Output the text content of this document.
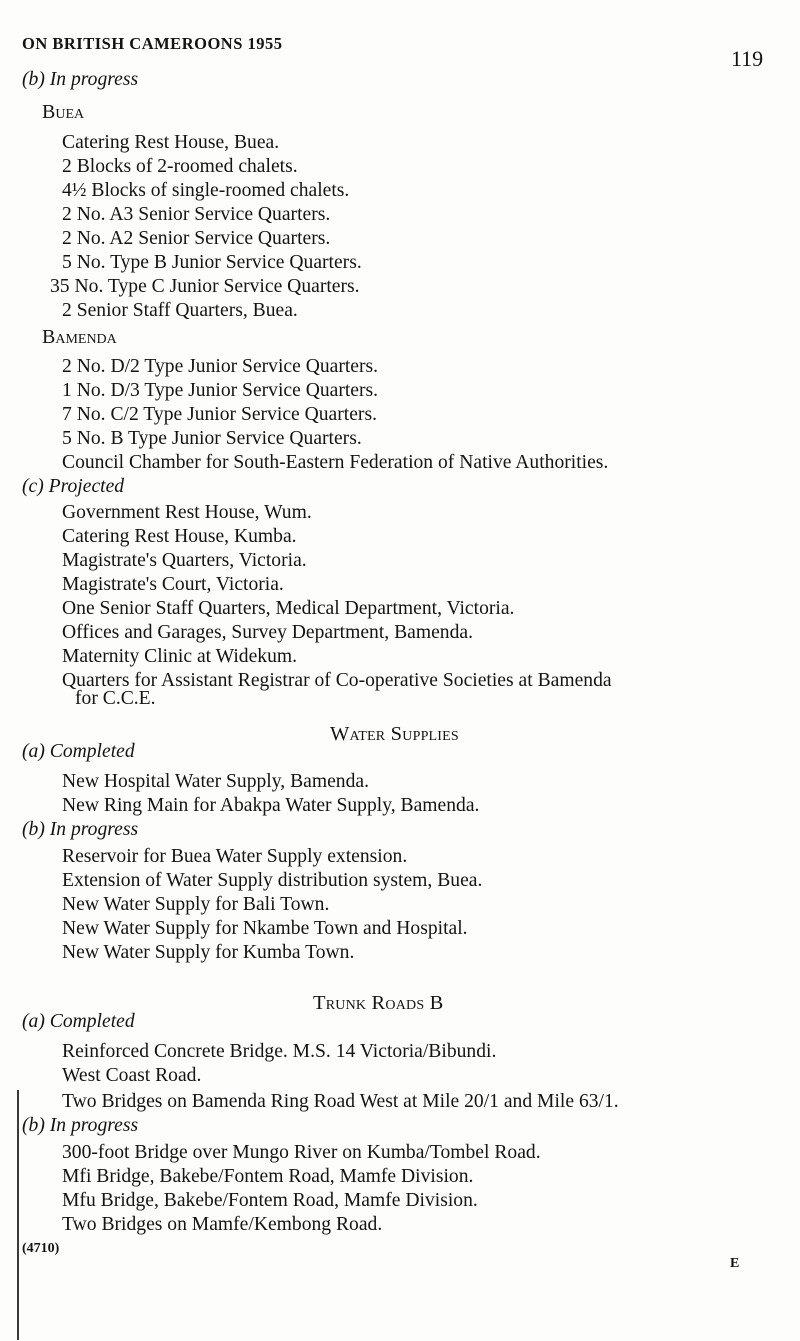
ON BRITISH CAMEROONS 1955
119
(b) In progress
Buea
Catering Rest House, Buea.
2 Blocks of 2-roomed chalets.
4½ Blocks of single-roomed chalets.
2 No. A3 Senior Service Quarters.
2 No. A2 Senior Service Quarters.
5 No. Type B Junior Service Quarters.
35 No. Type C Junior Service Quarters.
2 Senior Staff Quarters, Buea.
Bamenda
2 No. D/2 Type Junior Service Quarters.
1 No. D/3 Type Junior Service Quarters.
7 No. C/2 Type Junior Service Quarters.
5 No. B Type Junior Service Quarters.
Council Chamber for South-Eastern Federation of Native Authorities.
(c) Projected
Government Rest House, Wum.
Catering Rest House, Kumba.
Magistrate's Quarters, Victoria.
Magistrate's Court, Victoria.
One Senior Staff Quarters, Medical Department, Victoria.
Offices and Garages, Survey Department, Bamenda.
Maternity Clinic at Widekum.
Quarters for Assistant Registrar of Co-operative Societies at Bamenda
for C.C.E.
Water Supplies
(a) Completed
New Hospital Water Supply, Bamenda.
New Ring Main for Abakpa Water Supply, Bamenda.
(b) In progress
Reservoir for Buea Water Supply extension.
Extension of Water Supply distribution system, Buea.
New Water Supply for Bali Town.
New Water Supply for Nkambe Town and Hospital.
New Water Supply for Kumba Town.
Trunk Roads B
(a) Completed
Reinforced Concrete Bridge. M.S. 14 Victoria/Bibundi.
West Coast Road.
Two Bridges on Bamenda Ring Road West at Mile 20/1 and Mile 63/1.
(b) In progress
300-foot Bridge over Mungo River on Kumba/Tombel Road.
Mfi Bridge, Bakebe/Fontem Road, Mamfe Division.
Mfu Bridge, Bakebe/Fontem Road, Mamfe Division.
Two Bridges on Mamfe/Kembong Road.
(4710)
E
